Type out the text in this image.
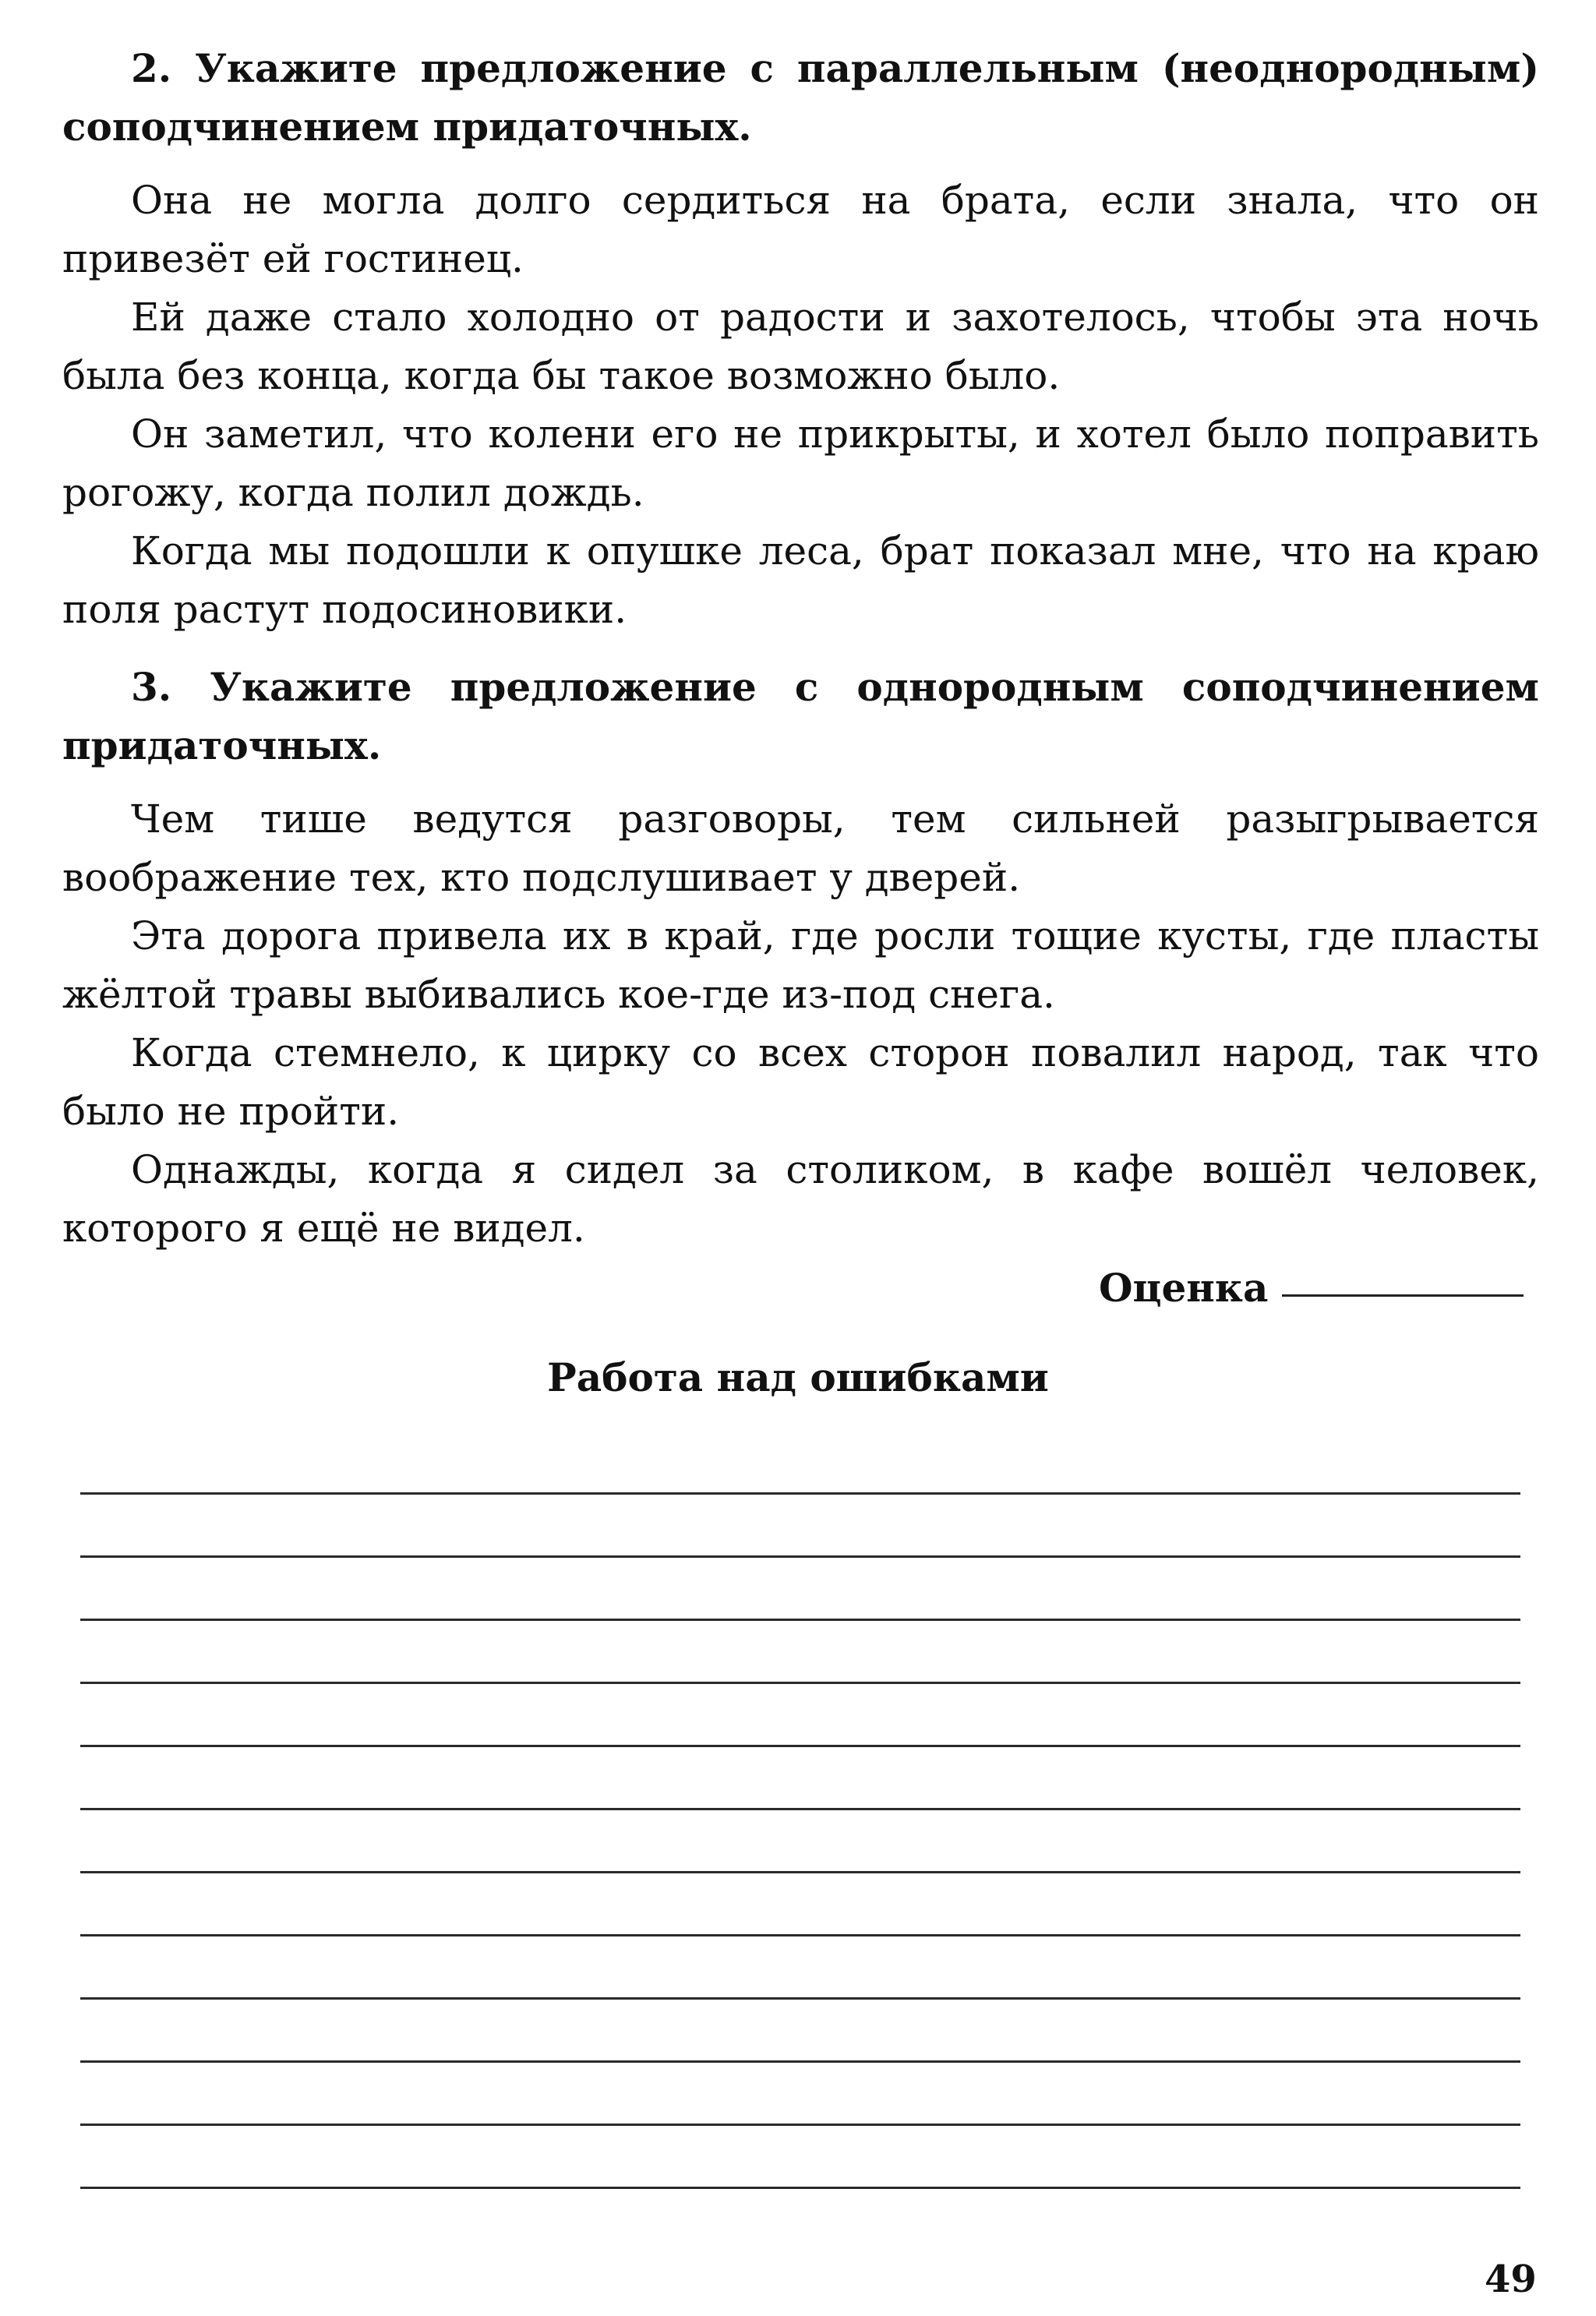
2. Укажите предложение с параллельным (неоднородным) соподчинением придаточных.

Она не могла долго сердиться на брата, если знала, что он привезёт ей гостинец.

Ей даже стало холодно от радости и захотелось, чтобы эта ночь была без конца, когда бы такое возможно было.

Он заметил, что колени его не прикрыты, и хотел было поправить рогожу, когда полил дождь.

Когда мы подошли к опушке леса, брат показал мне, что на краю поля растут подосиновики.

3. Укажите предложение с однородным соподчинением придаточных.

Чем тише ведутся разговоры, тем сильней разыгрывается воображение тех, кто подслушивает у дверей.

Эта дорога привела их в край, где росли тощие кусты, где пласты жёлтой травы выбивались кое-где из-под снега.

Когда стемнело, к цирку со всех сторон повалил народ, так что было не пройти.

Однажды, когда я сидел за столиком, в кафе вошёл человек, которого я ещё не видел.

Оценка
Работа над ошибками
49
